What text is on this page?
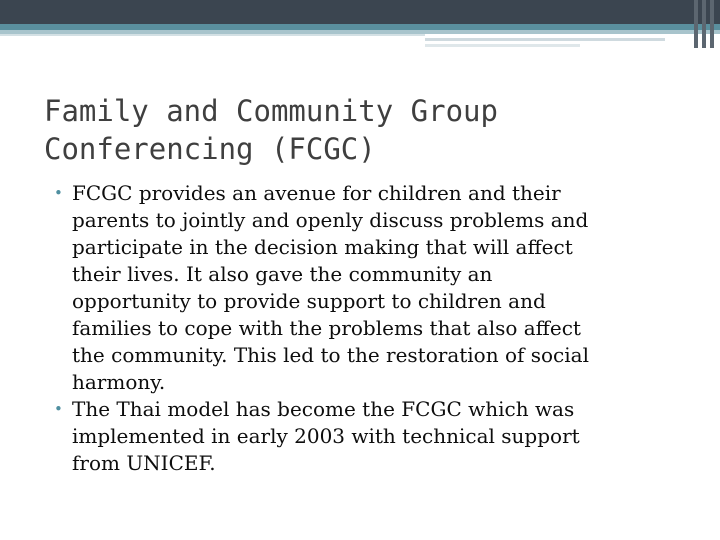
Family and Community Group
Conferencing (FCGC)
• FCGC provides an avenue for children and their
parents to jointly and openly discuss problems and
participate in the decision making that will affect
their lives. It also gave the community an
opportunity to provide support to children and
families to cope with the problems that also affect
the community. This led to the restoration of social
harmony.
• The Thai model has become the FCGC which was
implemented in early 2003 with technical support
from UNICEF.
